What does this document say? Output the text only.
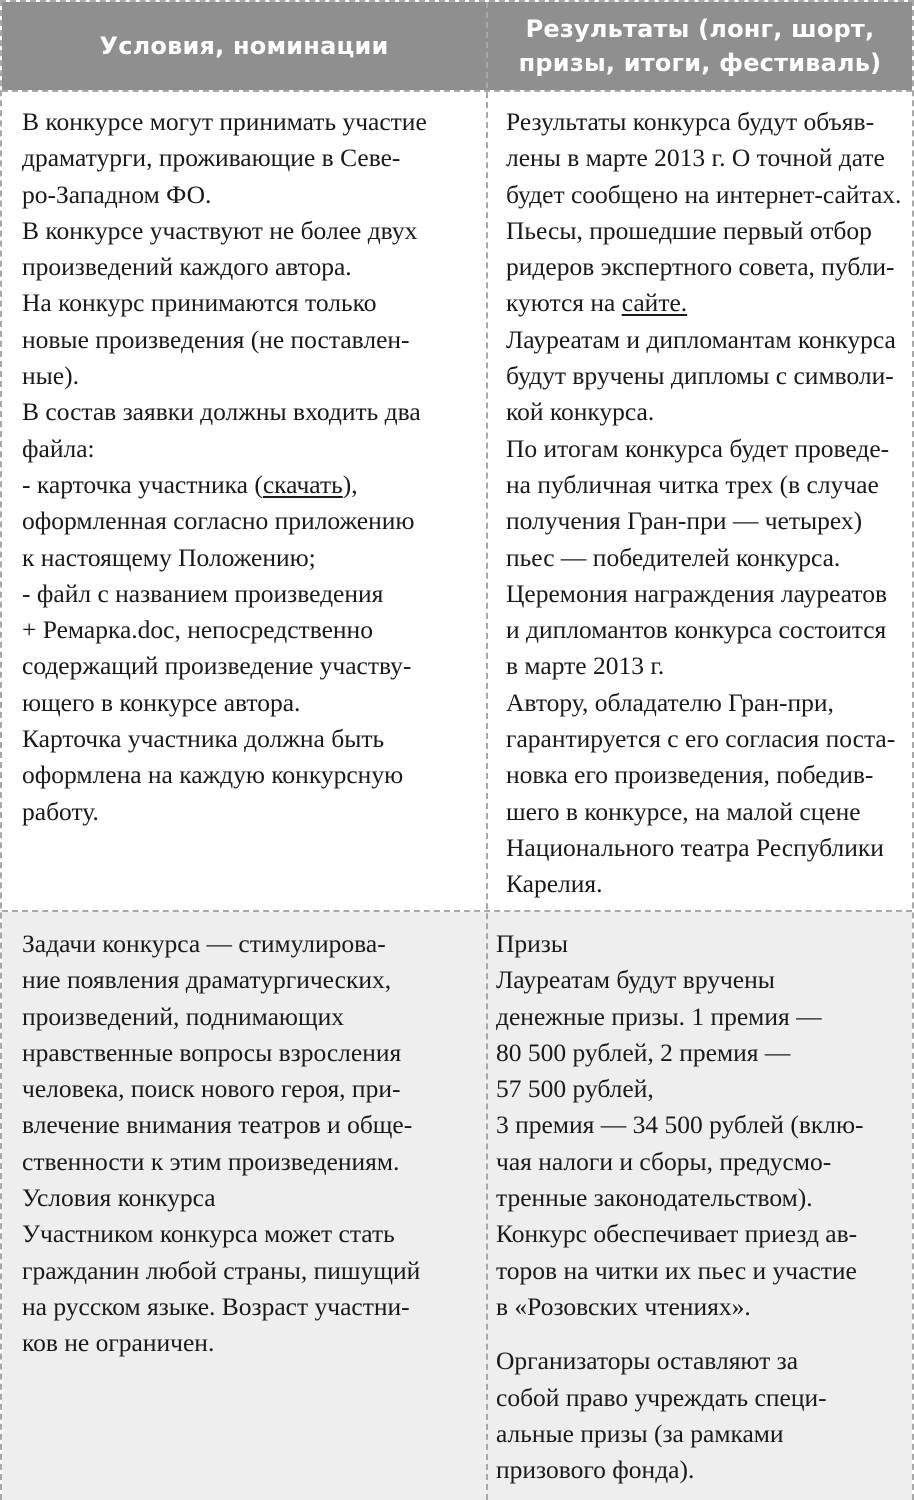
Условия, номинации
Результаты (лонг, шорт,
призы, итоги, фестиваль)
В конкурсе могут принимать участие
драматурги, проживающие в Севе-
ро-Западном ФО.
В конкурсе участвуют не более двух
произведений каждого автора.
На конкурс принимаются только
новые произведения (не поставлен-
ные).
В состав заявки должны входить два
файла:
- карточка участника (скачать),
оформленная согласно приложению
к настоящему Положению;
- файл с названием произведения
+ Ремарка.doc, непосредственно
содержащий произведение участву-
ющего в конкурсе автора.
Карточка участника должна быть
оформлена на каждую конкурсную
работу.
Результаты конкурса будут объяв-
лены в марте 2013 г. О точной дате
будет сообщено на интернет-сайтах.
Пьесы, прошедшие первый отбор
ридеров экспертного совета, публи-
куются на сайте.
Лауреатам и дипломантам конкурса
будут вручены дипломы с символи-
кой конкурса.
По итогам конкурса будет проведе-
на публичная читка трех (в случае
получения Гран-при — четырех)
пьес — победителей конкурса.
Церемония награждения лауреатов
и дипломантов конкурса состоится
в марте 2013 г.
Автору, обладателю Гран-при,
гарантируется с его согласия поста-
новка его произведения, победив-
шего в конкурсе, на малой сцене
Национального театра Республики
Карелия.
Задачи конкурса — стимулирова-
ние появления драматургических,
произведений, поднимающих
нравственные вопросы взросления
человека, поиск нового героя, при-
влечение внимания театров и обще-
ственности к этим произведениям.
Условия конкурса
Участником конкурса может стать
гражданин любой страны, пишущий
на русском языке. Возраст участни-
ков не ограничен.
Призы
Лауреатам будут вручены
денежные призы. 1 премия —
80 500 рублей, 2 премия —
57 500 рублей,
3 премия — 34 500 рублей (вклю-
чая налоги и сборы, предусмо-
тренные законодательством).
Конкурс обеспечивает приезд ав-
торов на читки их пьес и участие
в «Розовских чтениях».
Организаторы оставляют за
собой право учреждать специ-
альные призы (за рамками
призового фонда).
